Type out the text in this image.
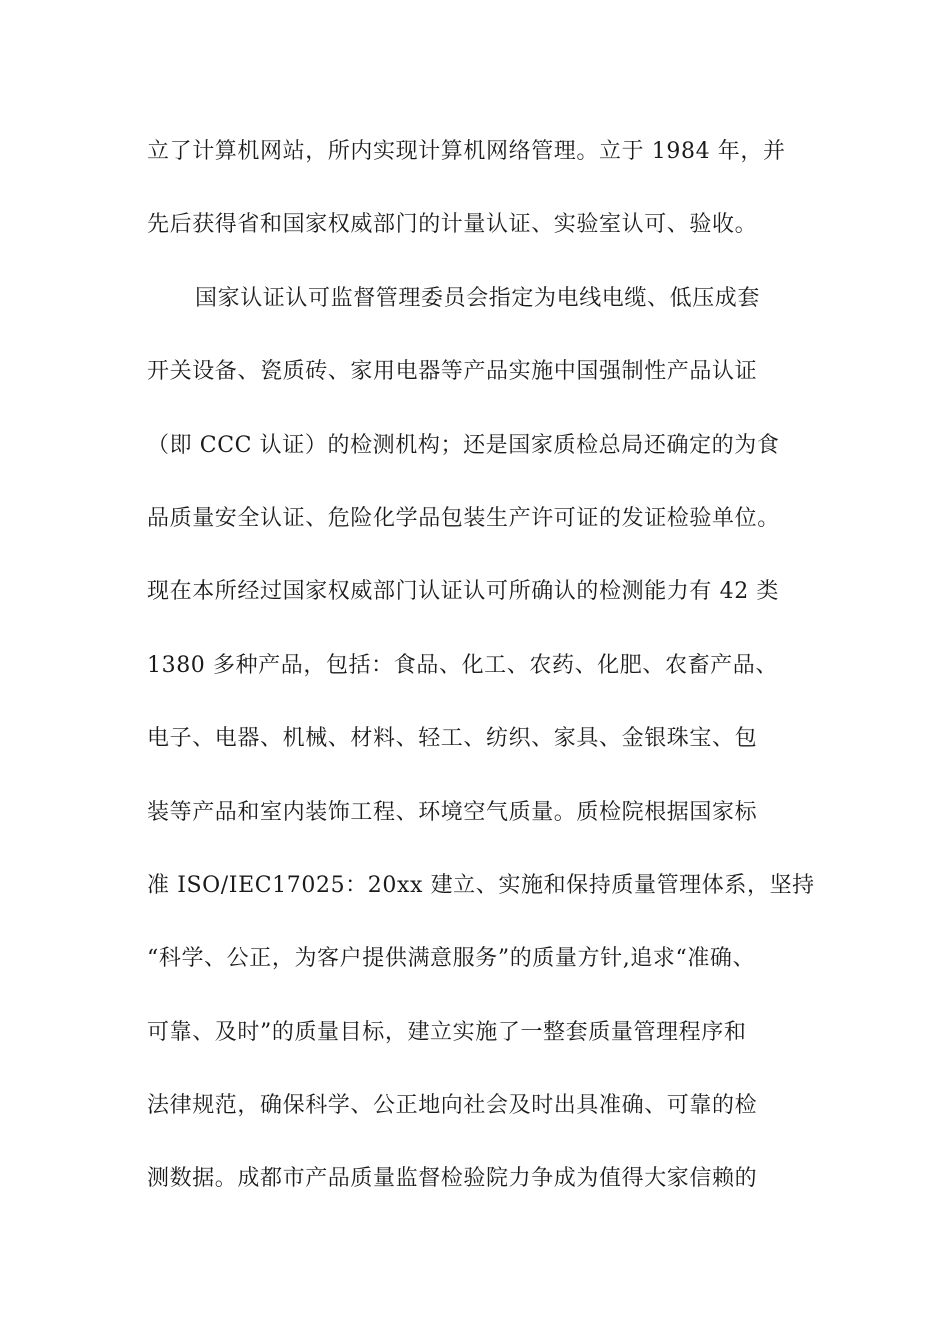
立了计算机网站，所内实现计算机网络管理。立于 1984 年，并
先后获得省和国家权威部门的计量认证、实验室认可、验收。
国家认证认可监督管理委员会指定为电线电缆、低压成套
开关设备、瓷质砖、家用电器等产品实施中国强制性产品认证
（即 CCC 认证）的检测机构；还是国家质检总局还确定的为食
品质量安全认证、危险化学品包装生产许可证的发证检验单位。
现在本所经过国家权威部门认证认可所确认的检测能力有 42 类
1380 多种产品，包括：食品、化工、农药、化肥、农畜产品、
电子、电器、机械、材料、轻工、纺织、家具、金银珠宝、包
装等产品和室内装饰工程、环境空气质量。质检院根据国家标
准 ISO/IEC17025：20xx 建立、实施和保持质量管理体系，坚持
“科学、公正，为客户提供满意服务”的质量方针,追求“准确、
可靠、及时”的质量目标，建立实施了一整套质量管理程序和
法律规范，确保科学、公正地向社会及时出具准确、可靠的检
测数据。成都市产品质量监督检验院力争成为值得大家信赖的
